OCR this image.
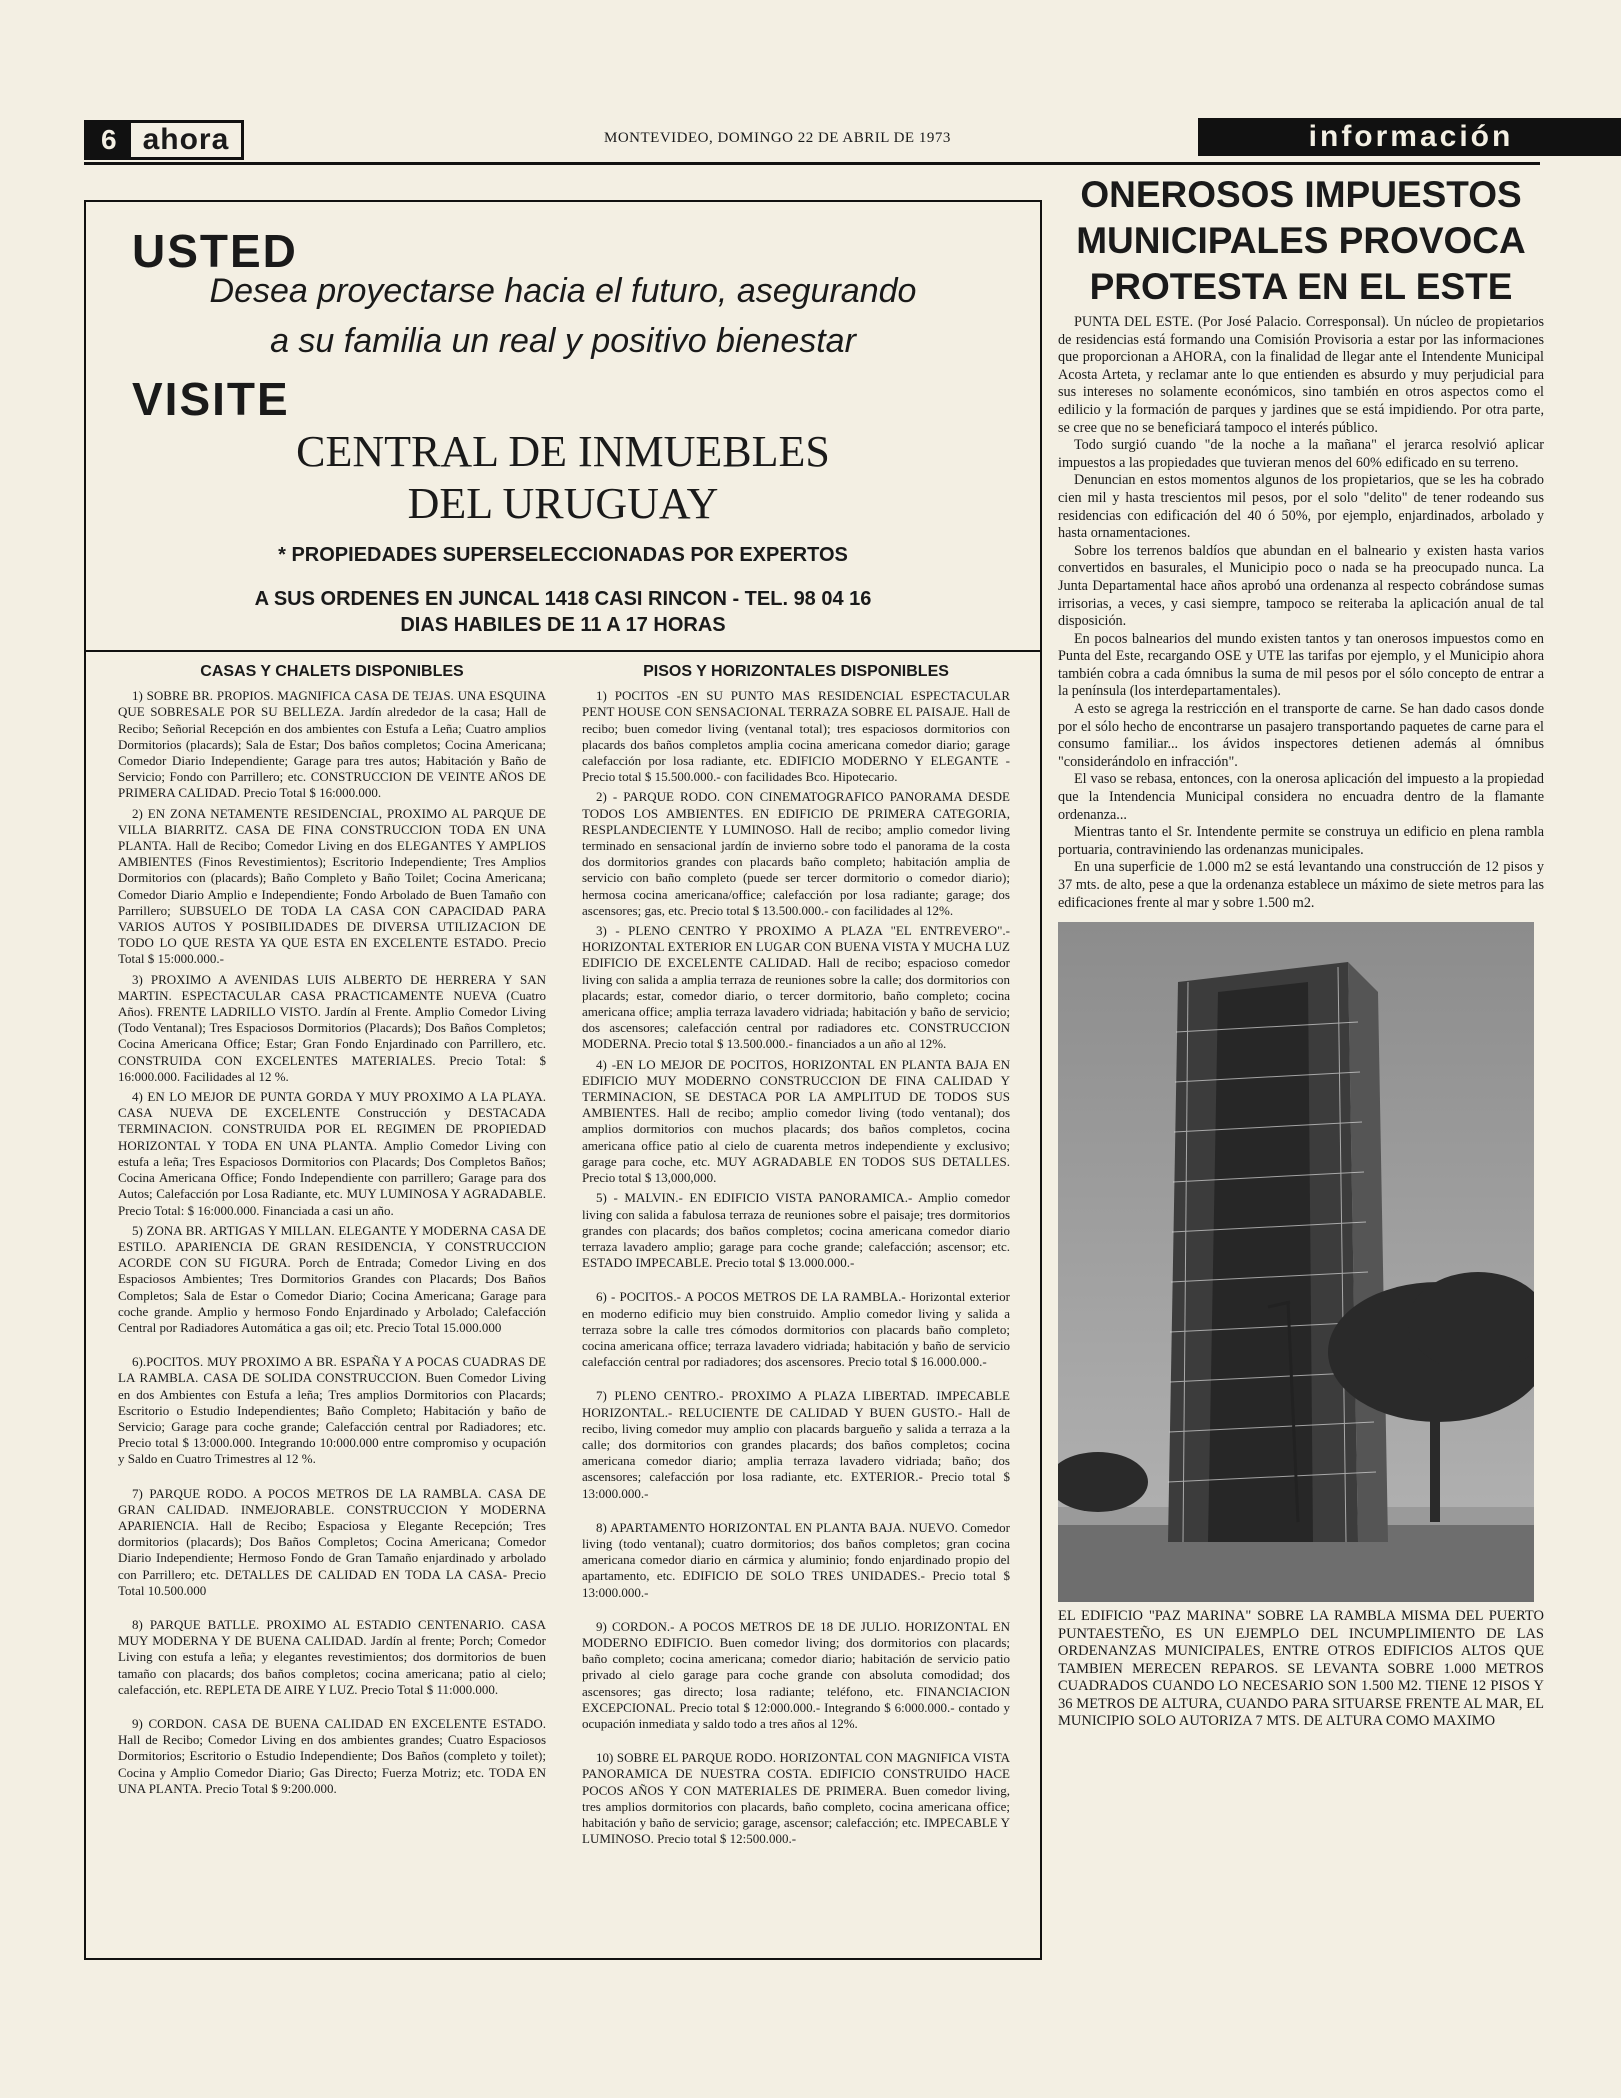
6 ahora	MONTEVIDEO, DOMINGO 22 DE ABRIL DE 1973	información
USTED
Desea proyectarse hacia el futuro, asegurando
a su familia un real y positivo bienestar
VISITE
CENTRAL DE INMUEBLES
DEL URUGUAY
* PROPIEDADES SUPERSELECCIONADAS POR EXPERTOS
A SUS ORDENES EN JUNCAL 1418 CASI RINCON - TEL. 98 04 16
DIAS HABILES DE 11 A 17 HORAS
CASAS Y CHALETS DISPONIBLES

1) SOBRE BR. PROPIOS. MAGNIFICA CASA DE TEJAS. UNA ESQUINA QUE SOBRESALE POR SU BELLEZA. Jardín alrededor de la casa; Hall de Recibo; Señorial Recepción en dos ambientes con Estufa a Leña; Cuatro amplios Dormitorios (placards); Sala de Estar; Dos baños completos; Cocina Americana; Comedor Diario Independiente; Garage para tres autos; Habitación y Baño de Servicio; Fondo con Parrillero; etc. CONSTRUCCION DE VEINTE AÑOS DE PRIMERA CALIDAD. Precio Total $ 16:000.000.

2) EN ZONA NETAMENTE RESIDENCIAL, PROXIMO AL PARQUE DE VILLA BIARRITZ. CASA DE FINA CONSTRUCCION TODA EN UNA PLANTA. Hall de Recibo; Comedor Living en dos ELEGANTES Y AMPLIOS AMBIENTES (Finos Revestimientos); Escritorio Independiente; Tres Amplios Dormitorios con (placards); Baño Completo y Baño Toilet; Cocina Americana; Comedor Diario Amplio e Independiente; Fondo Arbolado de Buen Tamaño con Parrillero; SUBSUELO DE TODA LA CASA CON CAPACIDAD PARA VARIOS AUTOS Y POSIBILIDADES DE DIVERSA UTILIZACION DE TODO LO QUE RESTA YA QUE ESTA EN EXCELENTE ESTADO. Precio Total $ 15:000.000.-

3) PROXIMO A AVENIDAS LUIS ALBERTO DE HERRERA Y SAN MARTIN. ESPECTACULAR CASA PRACTICAMENTE NUEVA (Cuatro Años). FRENTE LADRILLO VISTO. Jardín al Frente. Amplio Comedor Living (Todo Ventanal); Tres Espaciosos Dormitorios (Placards); Dos Baños Completos; Cocina Americana Office; Estar; Gran Fondo Enjardinado con Parrillero, etc. CONSTRUIDA CON EXCELENTES MATERIALES. Precio Total: $ 16:000.000. Facilidades al 12 %.

4) EN LO MEJOR DE PUNTA GORDA Y MUY PROXIMO A LA PLAYA. CASA NUEVA DE EXCELENTE Construcción y DESTACADA TERMINACION. CONSTRUIDA POR EL REGIMEN DE PROPIEDAD HORIZONTAL Y TODA EN UNA PLANTA. Amplio Comedor Living con estufa a leña; Tres Espaciosos Dormitorios con Placards; Dos Completos Baños; Cocina Americana Office; Fondo Independiente con parrillero; Garage para dos Autos; Calefacción por Losa Radiante, etc. MUY LUMINOSA Y AGRADABLE. Precio Total: $ 16:000.000. Financiada a casi un año.

5) ZONA BR. ARTIGAS Y MILLAN. ELEGANTE Y MODERNA CASA DE ESTILO. APARIENCIA DE GRAN RESIDENCIA, Y CONSTRUCCION ACORDE CON SU FIGURA. Porch de Entrada; Comedor Living en dos Espaciosos Ambientes; Tres Dormitorios Grandes con Placards; Dos Baños Completos; Sala de Estar o Comedor Diario; Cocina Americana; Garage para coche grande. Amplio y hermoso Fondo Enjardinado y Arbolado; Calefacción Central por Radiadores Automática a gas oil; etc. Precio Total 15.000.000

6).POCITOS. MUY PROXIMO A BR. ESPAÑA Y A POCAS CUADRAS DE LA RAMBLA. CASA DE SOLIDA CONSTRUCCION. Buen Comedor Living en dos Ambientes con Estufa a leña; Tres amplios Dormitorios con Placards; Escritorio o Estudio Independientes; Baño Completo; Habitación y baño de Servicio; Garage para coche grande; Calefacción central por Radiadores; etc. Precio total $ 13:000.000. Integrando 10:000.000 entre compromiso y ocupación y Saldo en Cuatro Trimestres al 12 %.

7) PARQUE RODO. A POCOS METROS DE LA RAMBLA. CASA DE GRAN CALIDAD. INMEJORABLE. CONSTRUCCION Y MODERNA APARIENCIA. Hall de Recibo; Espaciosa y Elegante Recepción; Tres dormitorios (placards); Dos Baños Completos; Cocina Americana; Comedor Diario Independiente; Hermoso Fondo de Gran Tamaño enjardinado y arbolado con Parrillero; etc. DETALLES DE CALIDAD EN TODA LA CASA- Precio Total 10.500.000

8) PARQUE BATLLE. PROXIMO AL ESTADIO CENTENARIO. CASA MUY MODERNA Y DE BUENA CALIDAD. Jardín al frente; Porch; Comedor Living con estufa a leña; y elegantes revestimientos; dos dormitorios de buen tamaño con placards; dos baños completos; cocina americana; patio al cielo; calefacción, etc. REPLETA DE AIRE Y LUZ. Precio Total $ 11:000.000.

9) CORDON. CASA DE BUENA CALIDAD EN EXCELENTE ESTADO. Hall de Recibo; Comedor Living en dos ambientes grandes; Cuatro Espaciosos Dormitorios; Escritorio o Estudio Independiente; Dos Baños (completo y toilet); Cocina y Amplio Comedor Diario; Gas Directo; Fuerza Motriz; etc. TODA EN UNA PLANTA. Precio Total $ 9:200.000.

PISOS Y HORIZONTALES DISPONIBLES

1) POCITOS -EN SU PUNTO MAS RESIDENCIAL ESPECTACULAR PENT HOUSE CON SENSACIONAL TERRAZA SOBRE EL PAISAJE. Hall de recibo; buen comedor living (ventanal total); tres espaciosos dormitorios con placards dos baños completos amplia cocina americana comedor diario; garage calefacción por losa radiante, etc. EDIFICIO MODERNO Y ELEGANTE - Precio total $ 15.500.000.- con facilidades Bco. Hipotecario.

2) - PARQUE RODO. CON CINEMATOGRAFICO PANORAMA DESDE TODOS LOS AMBIENTES. EN EDIFICIO DE PRIMERA CATEGORIA, RESPLANDECIENTE Y LUMINOSO. Hall de recibo; amplio comedor living terminado en sensacional jardín de invierno sobre todo el panorama de la costa dos dormitorios grandes con placards baño completo; habitación amplia de servicio con baño completo (puede ser tercer dormitorio o comedor diario); hermosa cocina americana/office; calefacción por losa radiante; garage; dos ascensores; gas, etc. Precio total $ 13.500.000.- con facilidades al 12%.

3) - PLENO CENTRO Y PROXIMO A PLAZA "EL ENTREVERO".- HORIZONTAL EXTERIOR EN LUGAR CON BUENA VISTA Y MUCHA LUZ EDIFICIO DE EXCELENTE CALIDAD. Hall de recibo; espacioso comedor living con salida a amplia terraza de reuniones sobre la calle; dos dormitorios con placards; estar, comedor diario, o tercer dormitorio, baño completo; cocina americana office; amplia terraza lavadero vidriada; habitación y baño de servicio; dos ascensores; calefacción central por radiadores etc. CONSTRUCCION MODERNA. Precio total $ 13.500.000.- financiados a un año al 12%.

4) -EN LO MEJOR DE POCITOS, HORIZONTAL EN PLANTA BAJA EN EDIFICIO MUY MODERNO CONSTRUCCION DE FINA CALIDAD Y TERMINACION, SE DESTACA POR LA AMPLITUD DE TODOS SUS AMBIENTES. Hall de recibo; amplio comedor living (todo ventanal); dos amplios dormitorios con muchos placards; dos baños completos, cocina americana office patio al cielo de cuarenta metros independiente y exclusivo; garage para coche, etc. MUY AGRADABLE EN TODOS SUS DETALLES. Precio total $ 13,000,000.

5) - MALVIN.- EN EDIFICIO VISTA PANORAMICA.- Amplio comedor living con salida a fabulosa terraza de reuniones sobre el paisaje; tres dormitorios grandes con placards; dos baños completos; cocina americana comedor diario terraza lavadero amplio; garage para coche grande; calefacción; ascensor; etc. ESTADO IMPECABLE. Precio total $ 13.000.000.-

6) - POCITOS.- A POCOS METROS DE LA RAMBLA.- Horizontal exterior en moderno edificio muy bien construido. Amplio comedor living y salida a terraza sobre la calle tres cómodos dormitorios con placards baño completo; cocina americana office; terraza lavadero vidriada; habitación y baño de servicio calefacción central por radiadores; dos ascensores. Precio total $ 16.000.000.-

7) PLENO CENTRO.- PROXIMO A PLAZA LIBERTAD. IMPECABLE HORIZONTAL.- RELUCIENTE DE CALIDAD Y BUEN GUSTO.- Hall de recibo, living comedor muy amplio con placards bargueño y salida a terraza a la calle; dos dormitorios con grandes placards; dos baños completos; cocina americana comedor diario; amplia terraza lavadero vidriada; baño; dos ascensores; calefacción por losa radiante, etc. EXTERIOR.- Precio total $ 13:000.000.-

8) APARTAMENTO HORIZONTAL EN PLANTA BAJA. NUEVO. Comedor living (todo ventanal); cuatro dormitorios; dos baños completos; gran cocina americana comedor diario en cármica y aluminio; fondo enjardinado propio del apartamento, etc. EDIFICIO DE SOLO TRES UNIDADES.- Precio total $ 13:000.000.-

9) CORDON.- A POCOS METROS DE 18 DE JULIO. HORIZONTAL EN MODERNO EDIFICIO. Buen comedor living; dos dormitorios con placards; baño completo; cocina americana; comedor diario; habitación de servicio patio privado al cielo garage para coche grande con absoluta comodidad; dos ascensores; gas directo; losa radiante; teléfono, etc. FINANCIACION EXCEPCIONAL. Precio total $ 12:000.000.- Integrando $ 6:000.000.- contado y ocupación inmediata y saldo todo a tres años al 12%.

10) SOBRE EL PARQUE RODO. HORIZONTAL CON MAGNIFICA VISTA PANORAMICA DE NUESTRA COSTA. EDIFICIO CONSTRUIDO HACE POCOS AÑOS Y CON MATERIALES DE PRIMERA. Buen comedor living, tres amplios dormitorios con placards, baño completo, cocina americana office; habitación y baño de servicio; garage, ascensor; calefacción; etc. IMPECABLE Y LUMINOSO. Precio total $ 12:500.000.-

ONEROSOS IMPUESTOS
MUNICIPALES PROVOCA
PROTESTA EN EL ESTE

PUNTA DEL ESTE. (Por José Palacio. Corresponsal). Un núcleo de propietarios de residencias está formando una Comisión Provisoria a estar por las informaciones que proporcionan a AHORA, con la finalidad de llegar ante el Intendente Municipal Acosta Arteta, y reclamar ante lo que entienden es absurdo y muy perjudicial para sus intereses no solamente económicos, sino también en otros aspectos como el edilicio y la formación de parques y jardines que se está impidiendo. Por otra parte, se cree que no se beneficiará tampoco el interés público.

Todo surgió cuando "de la noche a la mañana" el jerarca resolvió aplicar impuestos a las propiedades que tuvieran menos del 60% edificado en su terreno.

Denuncian en estos momentos algunos de los propietarios, que se les ha cobrado cien mil y hasta trescientos mil pesos, por el solo "delito" de tener rodeando sus residencias con edificación del 40 ó 50%, por ejemplo, enjardinados, arbolado y hasta ornamentaciones.

Sobre los terrenos baldíos que abundan en el balneario y existen hasta varios convertidos en basurales, el Municipio poco o nada se ha preocupado nunca. La Junta Departamental hace años aprobó una ordenanza al respecto cobrándose sumas irrisorias, a veces, y casi siempre, tampoco se reiteraba la aplicación anual de tal disposición.

En pocos balnearios del mundo existen tantos y tan onerosos impuestos como en Punta del Este, recargando OSE y UTE las tarifas por ejemplo, y el Municipio ahora también cobra a cada ómnibus la suma de mil pesos por el sólo concepto de entrar a la península (los interdepartamentales).

A esto se agrega la restricción en el transporte de carne. Se han dado casos donde por el sólo hecho de encontrarse un pasajero transportando paquetes de carne para el consumo familiar... los ávidos inspectores detienen además al ómnibus "considerándolo en infracción".

El vaso se rebasa, entonces, con la onerosa aplicación del impuesto a la propiedad que la Intendencia Municipal considera no encuadra dentro de la flamante ordenanza...

Mientras tanto el Sr. Intendente permite se construya un edificio en plena rambla portuaria, contraviniendo las ordenanzas municipales.

En una superficie de 1.000 m2 se está levantando una construcción de 12 pisos y 37 mts. de alto, pese a que la ordenanza establece un máximo de siete metros para las edificaciones frente al mar y sobre 1.500 m2.

EL EDIFICIO "PAZ MARINA" SOBRE LA RAMBLA MISMA DEL PUERTO PUNTAESTEÑO, ES UN EJEMPLO DEL INCUMPLIMIENTO DE LAS ORDENANZAS MUNICIPALES, ENTRE OTROS EDIFICIOS ALTOS QUE TAMBIEN MERECEN REPAROS. SE LEVANTA SOBRE 1.000 METROS CUADRADOS CUANDO LO NECESARIO SON 1.500 M2. TIENE 12 PISOS Y 36 METROS DE ALTURA, CUANDO PARA SITUARSE FRENTE AL MAR, EL MUNICIPIO SOLO AUTORIZA 7 MTS. DE ALTURA COMO MAXIMO
